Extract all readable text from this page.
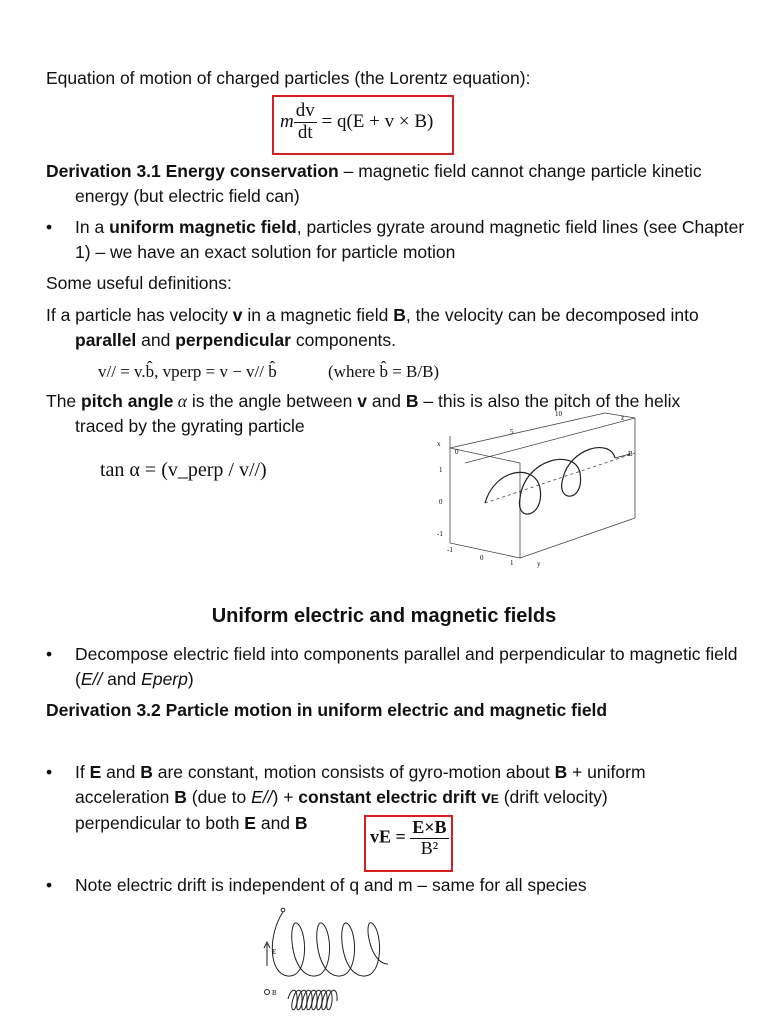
Equation of motion of charged particles (the Lorentz equation):
m $\frac{dv}{dt} = q(E + v \times B)$
Derivation 3.1 Energy conservation – magnetic field cannot change particle kinetic energy (but electric field can)
• In a uniform magnetic field, particles gyrate around magnetic field lines (see Chapter 1) – we have an exact solution for particle motion
Some useful definitions:
If a particle has velocity v in a magnetic field B, the velocity can be decomposed into parallel and perpendicular components.
v// = v.b̂, vperp = v − v// b̂	(where b̂ = B/B)
The pitch angle α is the angle between v and B – this is also the pitch of the helix traced by the gyrating particle
tan α = (v_perp / v//)
x
z
y
B
10
5
0
1
0
-1
-1
0
1
Uniform electric and magnetic fields
• Decompose electric field into components parallel and perpendicular to magnetic field (E// and Eperp)
Derivation 3.2 Particle motion in uniform electric and magnetic field
• If E and B are constant, motion consists of gyro-motion about B + uniform acceleration B (due to E//) + constant electric drift vE (drift velocity) perpendicular to both E and B
vE = $\frac{E\times B}{\text{B²}}$
• Note electric drift is independent of q and m – same for all species
E
B
